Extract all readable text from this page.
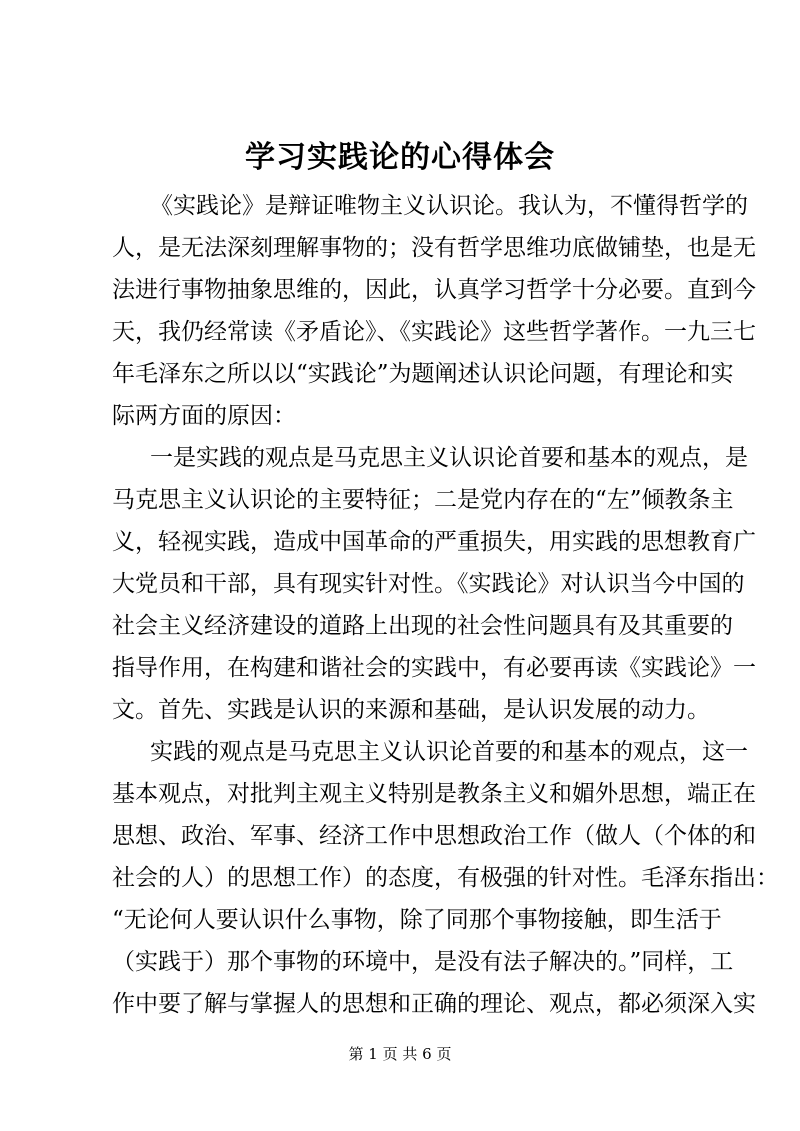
学习实践论的心得体会
《实践论》是辩证唯物主义认识论。我认为，不懂得哲学的
人，是无法深刻理解事物的；没有哲学思维功底做铺垫，也是无
法进行事物抽象思维的，因此，认真学习哲学十分必要。直到今
天，我仍经常读《矛盾论》、《实践论》这些哲学著作。一九三七
年毛泽东之所以以“实践论”为题阐述认识论问题，有理论和实
际两方面的原因：
一是实践的观点是马克思主义认识论首要和基本的观点，是
马克思主义认识论的主要特征；二是党内存在的“左”倾教条主
义，轻视实践，造成中国革命的严重损失，用实践的思想教育广
大党员和干部，具有现实针对性。《实践论》对认识当今中国的
社会主义经济建设的道路上出现的社会性问题具有及其重要的
指导作用，在构建和谐社会的实践中，有必要再读《实践论》一
文。首先、实践是认识的来源和基础，是认识发展的动力。
实践的观点是马克思主义认识论首要的和基本的观点，这一
基本观点，对批判主观主义特别是教条主义和媚外思想，端正在
思想、政治、军事、经济工作中思想政治工作（做人（个体的和
社会的人）的思想工作）的态度，有极强的针对性。毛泽东指出：
“无论何人要认识什么事物，除了同那个事物接触，即生活于
（实践于）那个事物的环境中，是没有法子解决的。”同样，工
作中要了解与掌握人的思想和正确的理论、观点，都必须深入实
第 1 页 共 6 页
